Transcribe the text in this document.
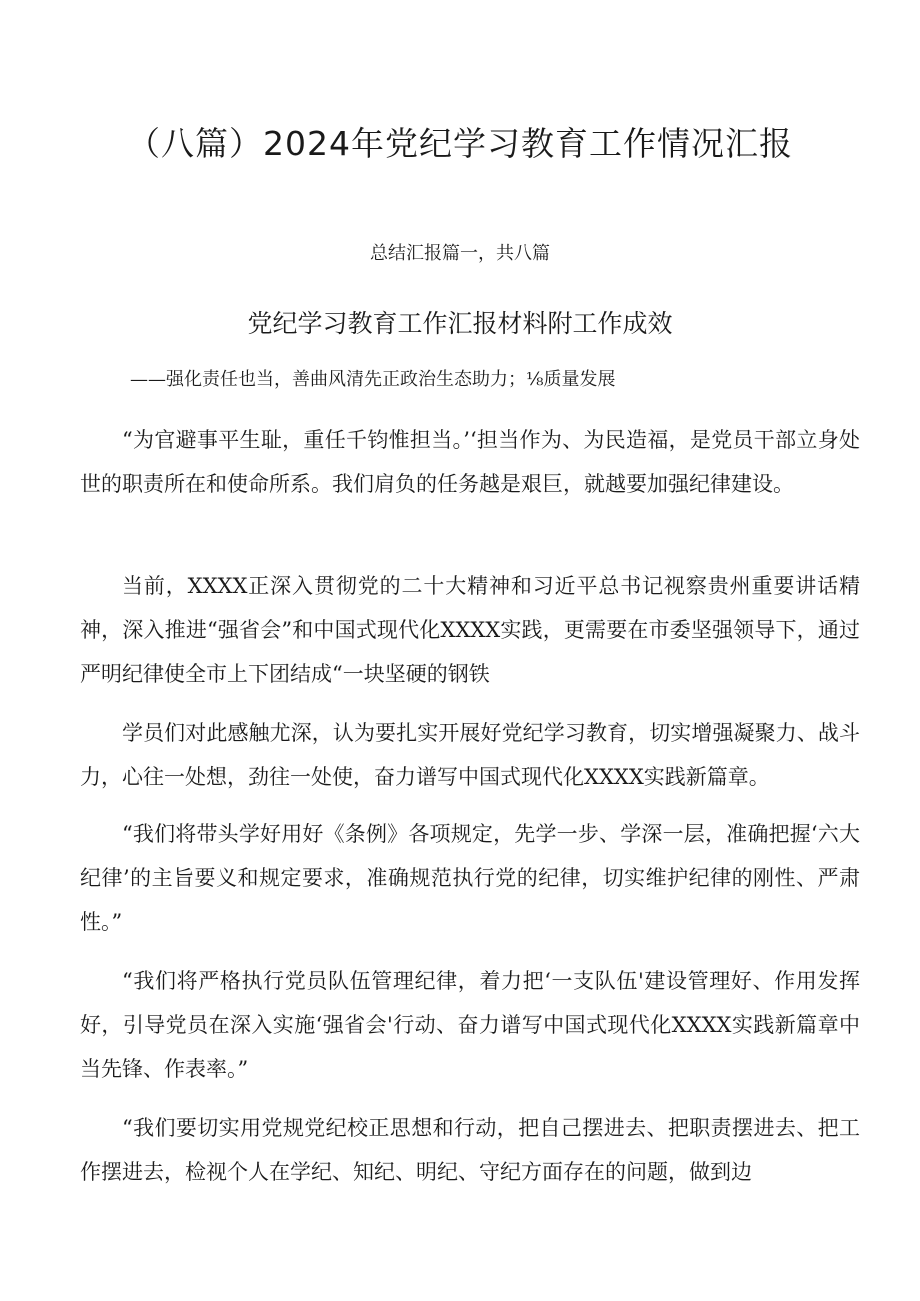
（八篇）2024年党纪学习教育工作情况汇报
总结汇报篇一，共八篇
党纪学习教育工作汇报材料附工作成效
——强化责任也当，善曲风清先正政治生态助力；⅛质量发展

“为官避事平生耻，重任千钧惟担当。’‘担当作为、为民造福，是党员干部立身处世的职责所在和使命所系。我们肩负的任务越是艰巨，就越要加强纪律建设。

当前，XXXX正深入贯彻党的二十大精神和习近平总书记视察贵州重要讲话精神，深入推进“强省会”和中国式现代化XXXX实践，更需要在市委坚强领导下，通过严明纪律使全市上下团结成“一块坚硬的钢铁

学员们对此感触尤深，认为要扎实开展好党纪学习教育，切实增强凝聚力、战斗力，心往一处想，劲往一处使，奋力谱写中国式现代化XXXX实践新篇章。

“我们将带头学好用好《条例》各项规定，先学一步、学深一层，准确把握‘六大纪律’的主旨要义和规定要求，准确规范执行党的纪律，切实维护纪律的刚性、严肃性。”

“我们将严格执行党员队伍管理纪律，着力把‘一支队伍'建设管理好、作用发挥好，引导党员在深入实施‘强省会'行动、奋力谱写中国式现代化XXXX实践新篇章中当先锋、作表率。”

“我们要切实用党规党纪校正思想和行动，把自己摆进去、把职责摆进去、把工作摆进去，检视个人在学纪、知纪、明纪、守纪方面存在的问题，做到边
